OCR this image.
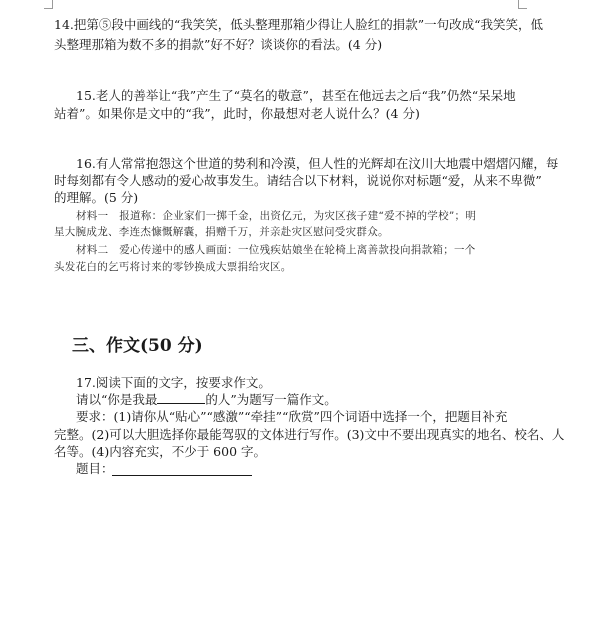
14.把第⑤段中画线的“我笑笑，低头整理那箱少得让人脸红的捐款”一句改成“我笑笑，低
头整理那箱为数不多的捐款”好不好？谈谈你的看法。(4 分)
15.老人的善举让“我”产生了“莫名的敬意”，甚至在他远去之后“我”仍然“呆呆地
站着”。如果你是文中的“我”，此时，你最想对老人说什么？(4 分)
16.有人常常抱怨这个世道的势利和冷漠，但人性的光辉却在汶川大地震中熠熠闪耀，每
时每刻都有令人感动的爱心故事发生。请结合以下材料，说说你对标题“爱，从来不卑微”
的理解。(5 分)
材料一　报道称：企业家们一掷千金，出资亿元，为灾区孩子建“爱不掉的学校”；明
星大腕成龙、李连杰慷慨解囊，捐赠千万，并亲赴灾区慰问受灾群众。
材料二　爱心传递中的感人画面：一位残疾姑娘坐在轮椅上离善款投向捐款箱；一个
头发花白的乞丐将讨来的零钞换成大票捐给灾区。
三、作文(50 分)
17.阅读下面的文字，按要求作文。
请以“你是我最	的人”为题写一篇作文。
要求：(1)请你从“贴心”“感激”“牵挂”“欣赏”四个词语中选择一个，把题目补充
完整。(2)可以大胆选择你最能驾驭的文体进行写作。(3)文中不要出现真实的地名、校名、人
名等。(4)内容充实，不少于 600 字。
题目：
